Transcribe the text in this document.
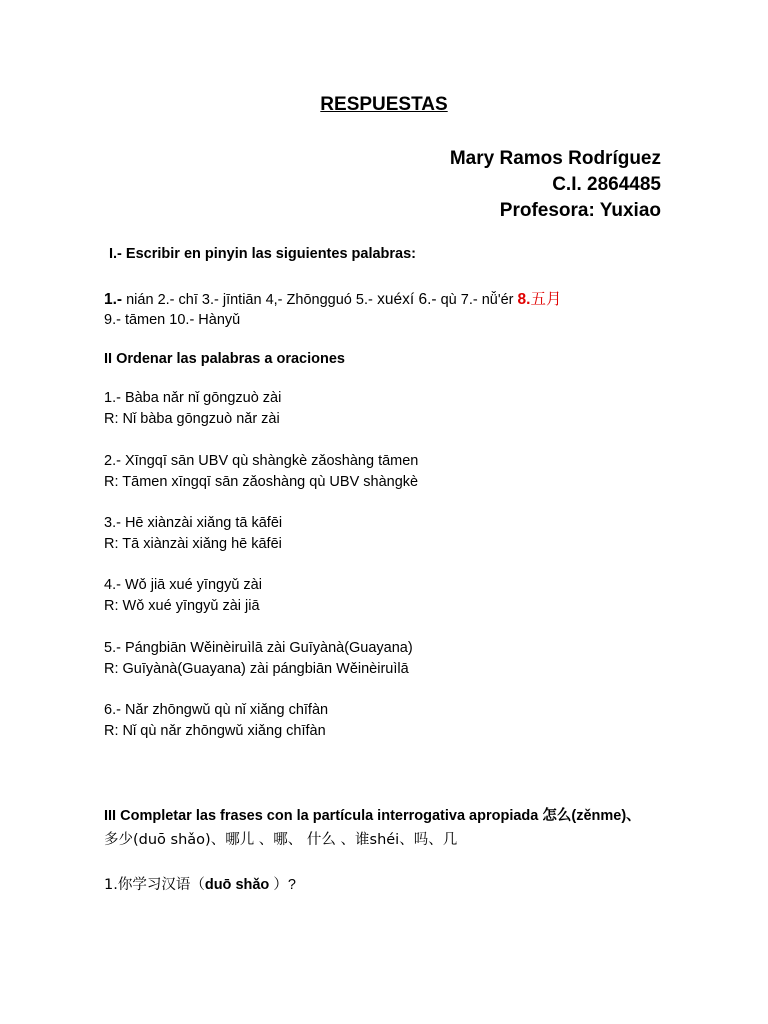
RESPUESTAS
Mary Ramos Rodríguez
C.I. 2864485
Profesora: Yuxiao
I.- Escribir en pinyin las siguientes palabras:
1.- nián 2.- chī 3.- jīntiān 4,- Zhōngguó 5.- xuéxí 6.- qù 7.- nǚ'ér 8.五月
9.- tāmen 10.- Hànyǔ
II Ordenar las palabras a oraciones
1.- Bàba nǎr nǐ gōngzuò zài
R: Nǐ bàba gōngzuò nǎr zài
2.- Xīngqī sān UBV qù shàngkè zǎoshàng tāmen
R: Tāmen xīngqī sān zǎoshàng qù UBV shàngkè
3.- Hē xiànzài xiǎng tā kāfēi
R: Tā xiànzài xiǎng hē kāfēi
4.- Wǒ jiā xué yīngyǔ zài
R: Wǒ xué yīngyǔ zài jiā
5.- Pángbiān Wěinèiruìlā zài Guīyànà(Guayana)
R: Guīyànà(Guayana) zài pángbiān Wěinèiruìlā
6.- Nǎr zhōngwǔ qù nǐ xiǎng chīfàn
R: Nǐ qù nǎr zhōngwǔ xiǎng chīfàn
III Completar las frases con la partícula interrogativa apropiada 怎么(zěnme)、
多少(duō shǎo)、哪儿 、哪、 什么 、谁shéi、吗、几
1.你学习汉语（duō shǎo ）?
